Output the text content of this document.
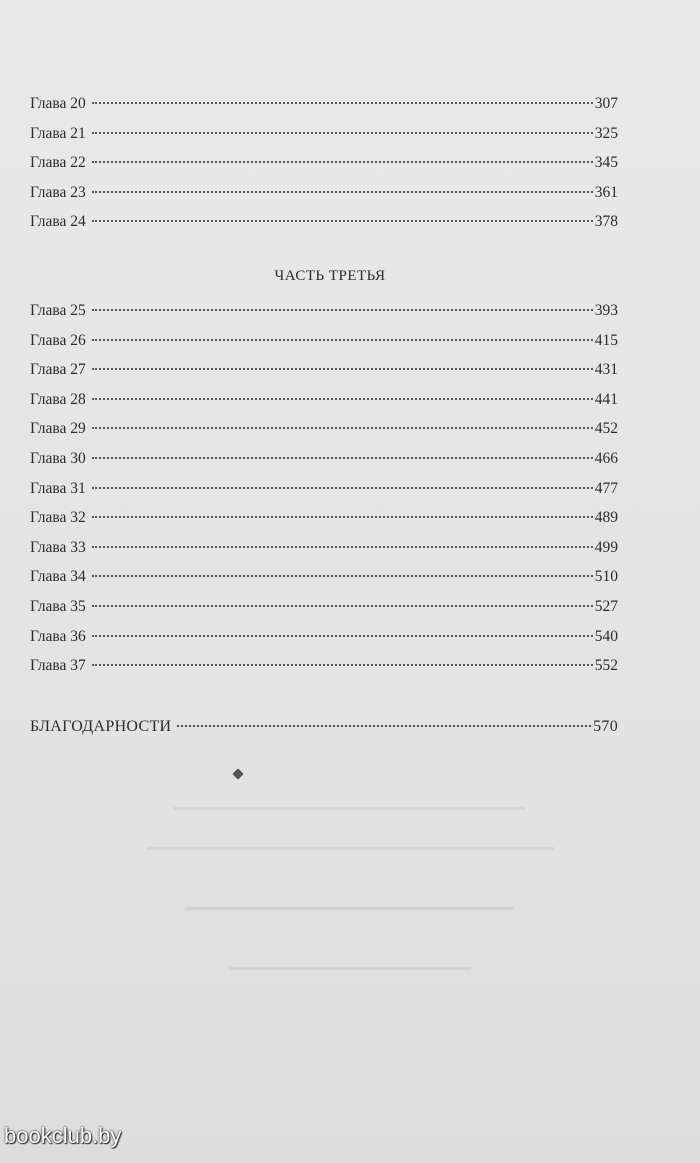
▬▬▬▬▬▬▬▬▬▬▬▬▬▬▬▬▬▬▬▬▬▬▬▬▬▬▬▬▬▬▬▬
▬▬▬▬▬▬▬▬▬▬▬▬▬▬▬▬▬▬▬▬▬▬▬▬▬▬▬▬▬▬▬▬▬▬▬▬▬
▬▬▬▬▬▬▬▬▬▬▬▬▬▬▬▬▬▬▬▬▬▬▬▬▬▬▬▬▬▬
▬▬▬▬▬▬▬▬▬▬▬▬▬▬▬▬▬▬▬▬▬▬
Глава 20	307
Глава 21	325
Глава 22	345
Глава 23	361
Глава 24	378
ЧАСТЬ ТРЕТЬЯ
Глава 25	393
Глава 26	415
Глава 27	431
Глава 28	441
Глава 29	452
Глава 30	466
Глава 31	477
Глава 32	489
Глава 33	499
Глава 34	510
Глава 35	527
Глава 36	540
Глава 37	552
БЛАГОДАРНОСТИ	570
bookclub.by
